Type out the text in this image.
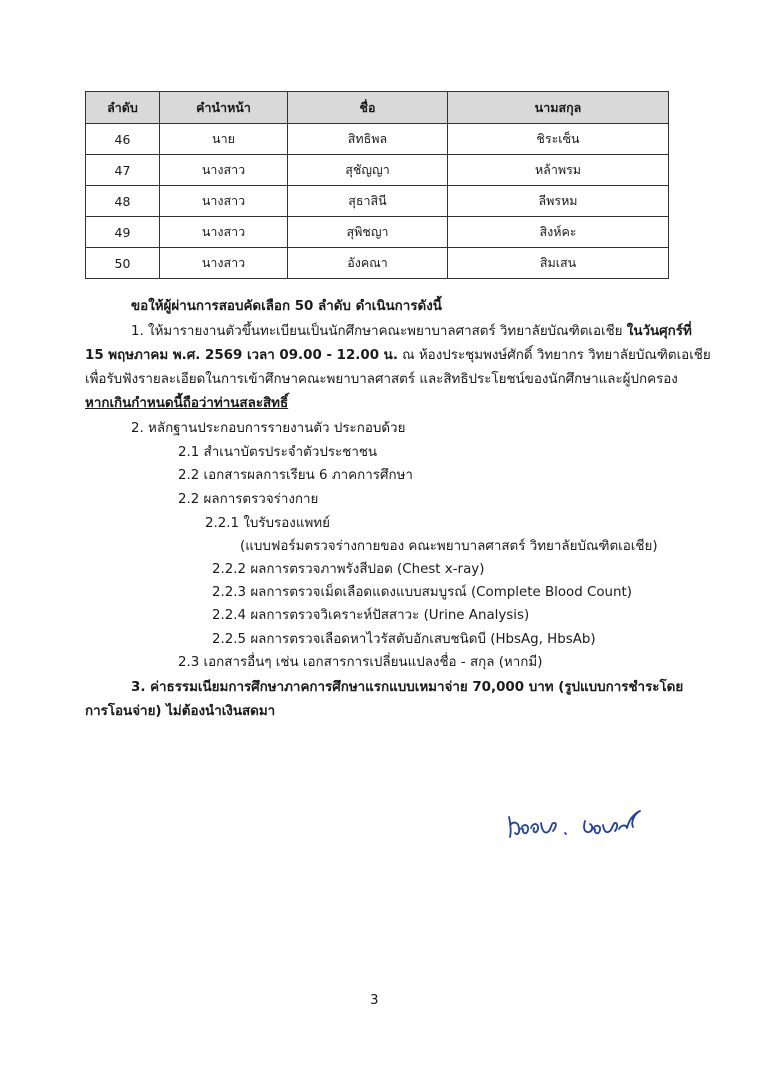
ลำดับ	คำนำหน้า	ชื่อ	นามสกุล
46	นาย	สิทธิพล	ชิระเซ็น
47	นางสาว	สุชัญญา	หล้าพรม
48	นางสาว	สุธาสินี	ลีพรหม
49	นางสาว	สุพิชญา	สิงห์คะ
50	นางสาว	อังคณา	สิมเสน
ขอให้ผู้ผ่านการสอบคัดเลือก 50 ลำดับ ดำเนินการดังนี้
1. ให้มารายงานตัวขึ้นทะเบียนเป็นนักศึกษาคณะพยาบาลศาสตร์ วิทยาลัยบัณฑิตเอเชีย ในวันศุกร์ที่
15 พฤษภาคม พ.ศ. 2569 เวลา 09.00 - 12.00 น. ณ ห้องประชุมพงษ์ศักดิ์ วิทยากร วิทยาลัยบัณฑิตเอเชีย
เพื่อรับฟังรายละเอียดในการเข้าศึกษาคณะพยาบาลศาสตร์ และสิทธิประโยชน์ของนักศึกษาและผู้ปกครอง
หากเกินกำหนดนี้ถือว่าท่านสละสิทธิ์
2. หลักฐานประกอบการรายงานตัว ประกอบด้วย
2.1 สำเนาบัตรประจำตัวประชาชน
2.2 เอกสารผลการเรียน 6 ภาคการศึกษา
2.2 ผลการตรวจร่างกาย
2.2.1 ใบรับรองแพทย์
(แบบฟอร์มตรวจร่างกายของ คณะพยาบาลศาสตร์ วิทยาลัยบัณฑิตเอเชีย)
2.2.2 ผลการตรวจภาพรังสีปอด (Chest x-ray)
2.2.3 ผลการตรวจเม็ดเลือดแดงแบบสมบูรณ์ (Complete Blood Count)
2.2.4 ผลการตรวจวิเคราะห์ปัสสาวะ (Urine Analysis)
2.2.5 ผลการตรวจเลือดหาไวรัสตับอักเสบชนิดบี (HbsAg, HbsAb)
2.3 เอกสารอื่นๆ เช่น เอกสารการเปลี่ยนแปลงชื่อ - สกุล (หากมี)
3. ค่าธรรมเนียมการศึกษาภาคการศึกษาแรกแบบเหมาจ่าย 70,000 บาท (รูปแบบการชำระโดย
การโอนจ่าย) ไม่ต้องนำเงินสดมา
3
